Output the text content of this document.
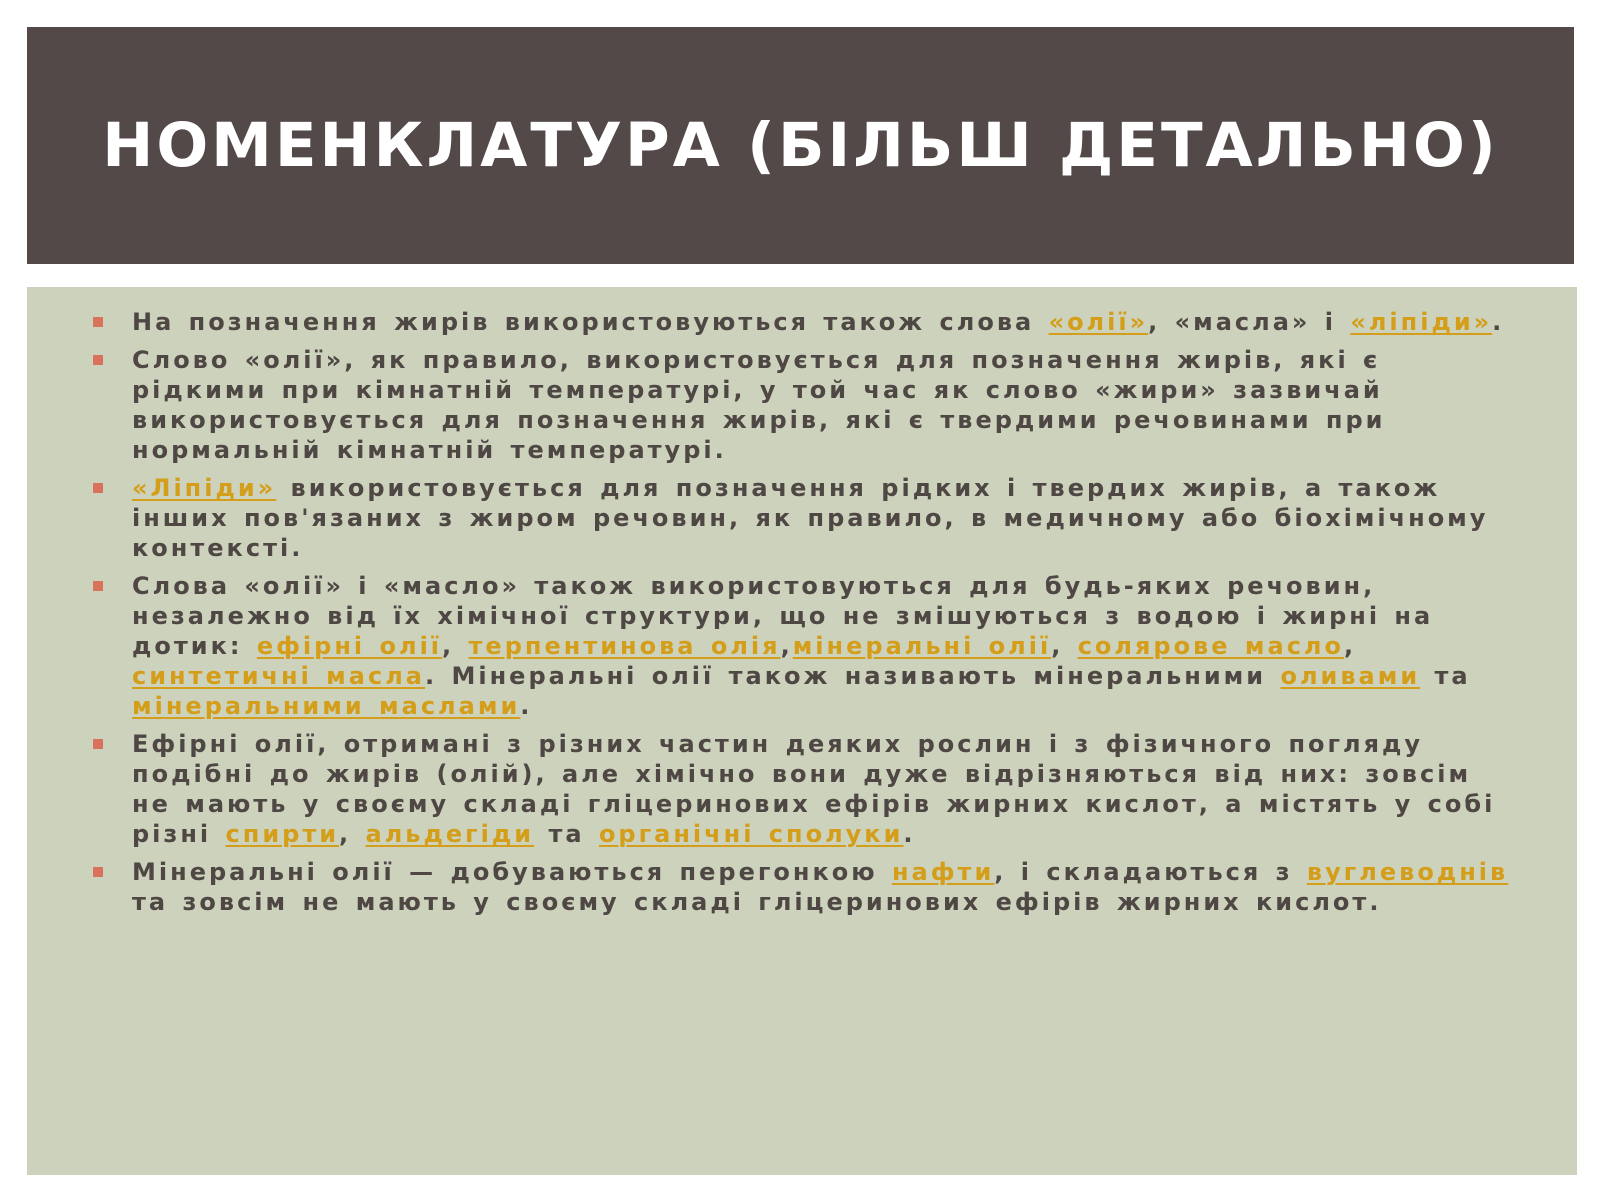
НОМЕНКЛАТУРА (БІЛЬШ ДЕТАЛЬНО)
На позначення жирів використовуються також слова «олії», «масла» і «ліпіди».
Слово «олії», як правило, використовується для позначення жирів, які є рідкими при кімнатній температурі, у той час як слово «жири» зазвичай використовується для позначення жирів, які є твердими речовинами при нормальній кімнатній температурі.
«Ліпіди» використовується для позначення рідких і твердих жирів, а також інших пов'язаних з жиром речовин, як правило, в медичному або біохімічному контексті.
Слова «олії» і «масло» також використовуються для будь-яких речовин, незалежно від їх хімічної структури, що не змішуються з водою і жирні на дотик: ефірні олії, терпентинова олія,мінеральні олії, солярове масло, синтетичні масла. Мінеральні олії також називають мінеральними оливами та мінеральними маслами.
Ефірні олії, отримані з різних частин деяких рослин і з фізичного погляду подібні до жирів (олій), але хімічно вони дуже відрізняються від них: зовсім не мають у своєму складі гліцеринових ефірів жирних кислот, а містять у собі різні спирти, альдегіди та органічні сполуки.
Мінеральні олії — добуваються перегонкою нафти, і складаються з вуглеводнів та зовсім не мають у своєму складі гліцеринових ефірів жирних кислот.
